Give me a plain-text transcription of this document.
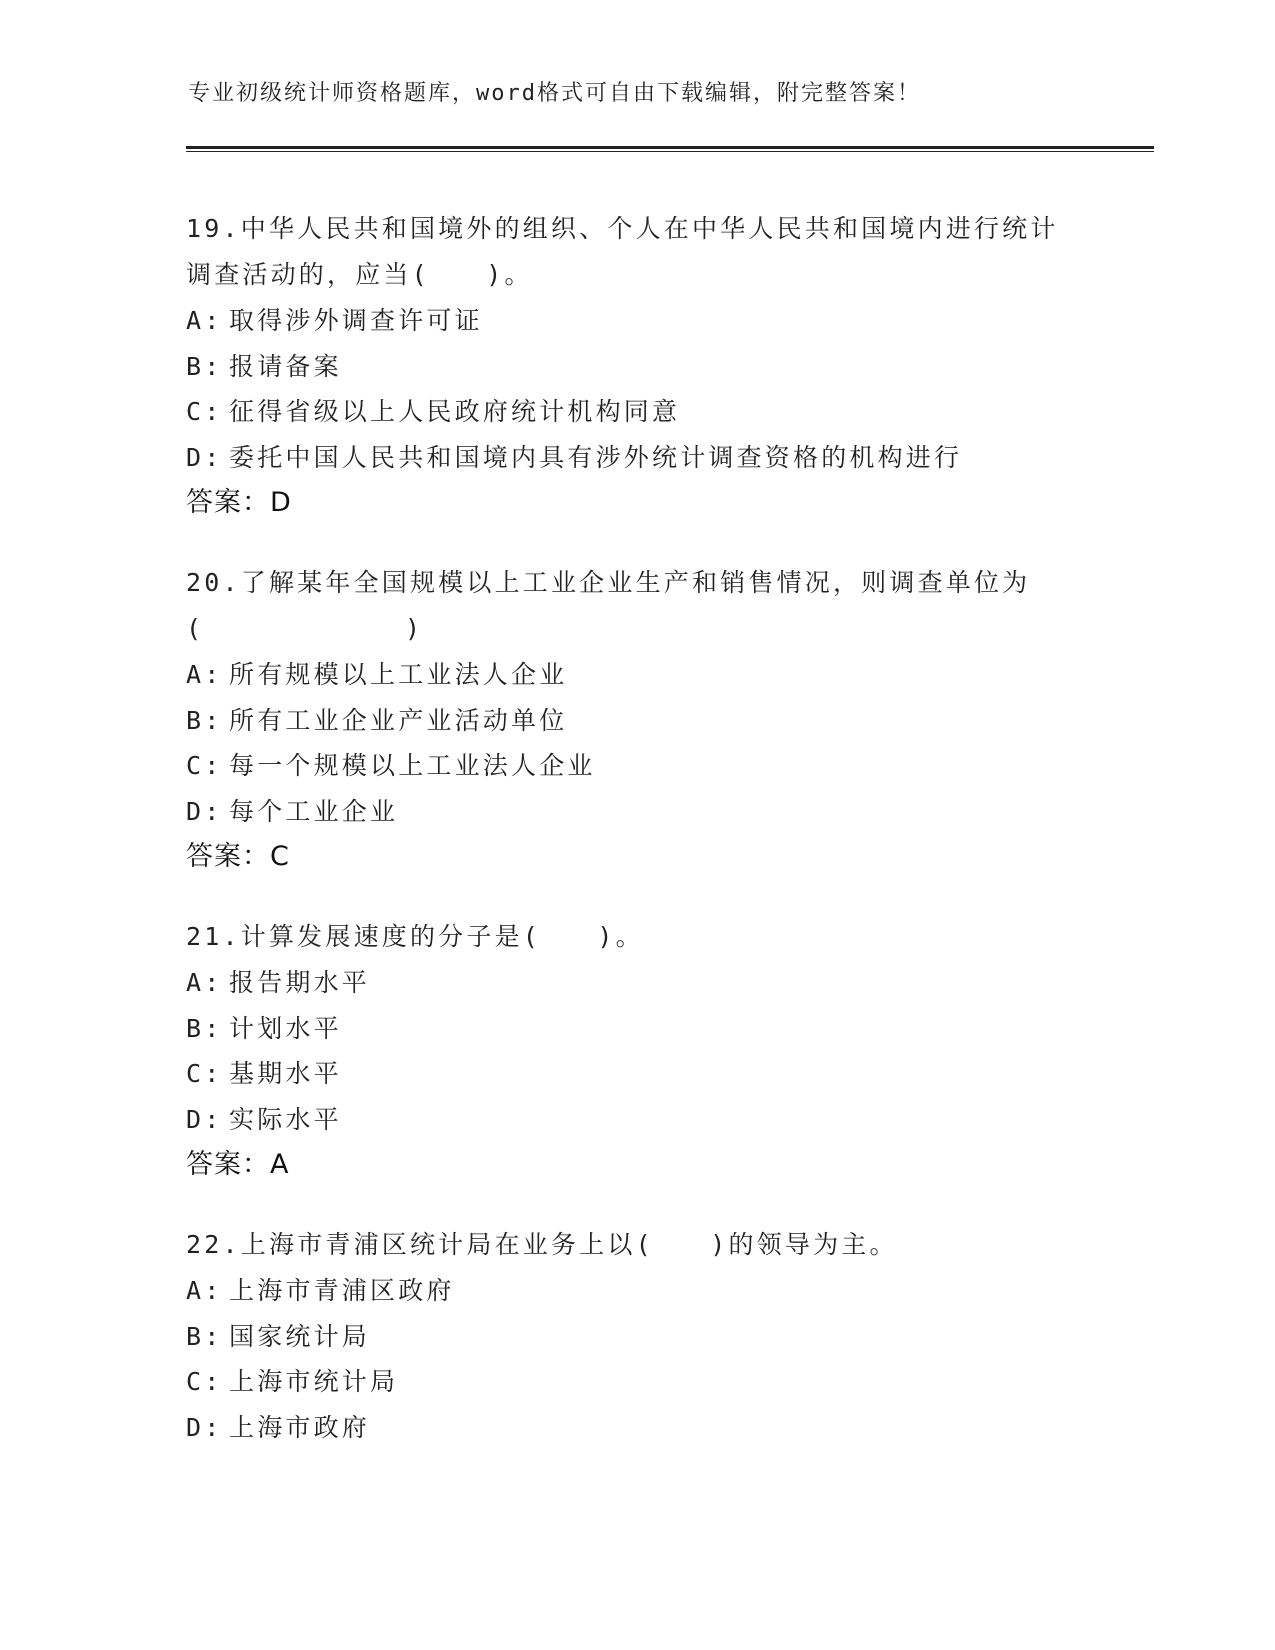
专业初级统计师资格题库，word格式可自由下载编辑，附完整答案！

19.中华人民共和国境外的组织、个人在中华人民共和国境内进行统计调查活动的，应当(　　)。

A: 取得涉外调查许可证
B: 报请备案
C: 征得省级以上人民政府统计机构同意
D: 委托中国人民共和国境内具有涉外统计调查资格的机构进行
答案：D

20.了解某年全国规模以上工业企业生产和销售情况，则调查单位为(           )

A: 所有规模以上工业法人企业
B: 所有工业企业产业活动单位
C: 每一个规模以上工业法人企业
D: 每个工业企业
答案：C

21.计算发展速度的分子是(　　)。

A: 报告期水平
B: 计划水平
C: 基期水平
D: 实际水平
答案：A

22.上海市青浦区统计局在业务上以(　　)的领导为主。

A: 上海市青浦区政府
B: 国家统计局
C: 上海市统计局
D: 上海市政府
